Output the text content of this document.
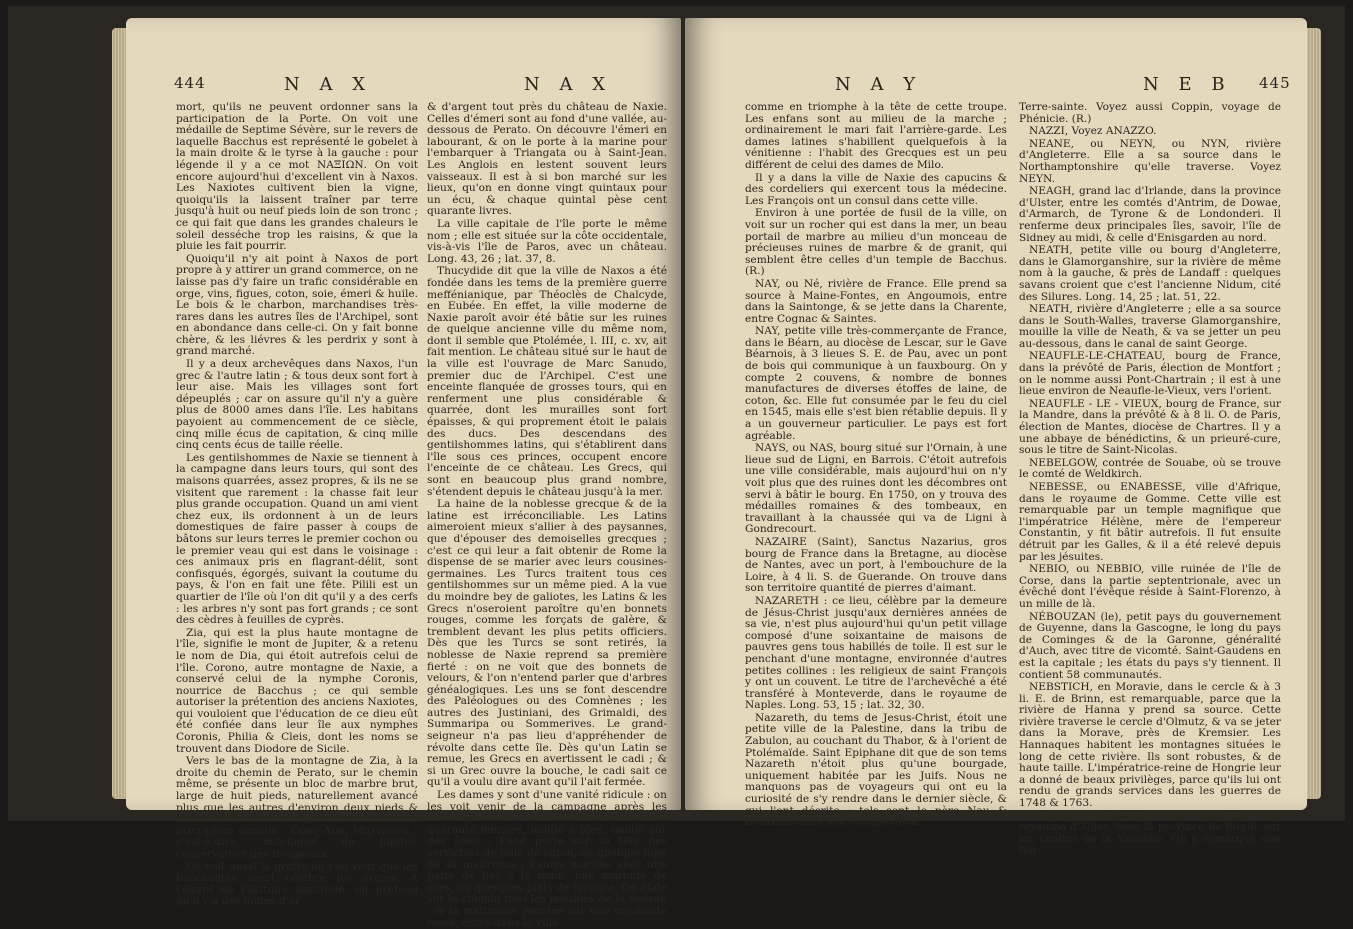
444	N A X	N A X

mort, qu'ils ne peuvent ordonner sans la participation de la Porte. On voit une médaille de Septime Sévère, sur le revers de laquelle Bacchus est représenté le gobelet à la main droite & le tyrse à la gauche : pour légende il y a ce mot ΝΑΞΙΩΝ. On voit encore aujourd'hui d'excellent vin à Naxos. Les Naxiotes cultivent bien la vigne, quoiqu'ils la laissent traîner par terre jusqu'à huit ou neuf pieds loin de son tronc ; ce qui fait que dans les grandes chaleurs le soleil desséche trop les raisins, & que la pluie les fait pourrir.

Quoiqu'il n'y ait point à Naxos de port propre à y attirer un grand commerce, on ne laisse pas d'y faire un trafic considérable en orge, vins, figues, coton, soie, émeri & huile. Le bois & le charbon, marchandises très-rares dans les autres îles de l'Archipel, sont en abondance dans celle-ci. On y fait bonne chère, & les liévres & les perdrix y sont à grand marché.

Il y a deux archevêques dans Naxos, l'un grec & l'autre latin ; & tous deux sont fort à leur aise. Mais les villages sont fort dépeuplés ; car on assure qu'il n'y a guère plus de 8000 ames dans l'île. Les habitans payoient au commencement de ce siècle, cinq mille écus de capitation, & cinq mille cinq cents écus de taille réelle.

Les gentilshommes de Naxie se tiennent à la campagne dans leurs tours, qui sont des maisons quarrées, assez propres, & ils ne se visitent que rarement : la chasse fait leur plus grande occupation. Quand un ami vient chez eux, ils ordonnent à un de leurs domestiques de faire passer à coups de bâtons sur leurs terres le premier cochon ou le premier veau qui est dans le voisinage : ces animaux pris en flagrant-délit, sont confisqués, égorgés, suivant la coutume du pays, & l'on en fait une fête. Pilili est un quartier de l'île où l'on dit qu'il y a des cerfs : les arbres n'y sont pas fort grands ; ce sont des cèdres à feuilles de cyprès.

Zia, qui est la plus haute montagne de l'île, signifie le mont de Jupiter, & a retenu le nom de Dia, qui étoit autrefois celui de l'île. Corono, autre montagne de Naxie, a conservé celui de la nymphe Coronis, nourrice de Bacchus ; ce qui semble autoriser la prétention des anciens Naxiotes, qui vouloient que l'éducation de ce dieu eût été confiée dans leur île aux nymphes Coronis, Philia & Cleis, dont les noms se trouvent dans Diodore de Sicile.

Vers le bas de la montagne de Zia, à la droite du chemin de Perato, sur le chemin même, se présente un bloc de marbre brut, large de huit pieds, naturellement avancé plus que les autres d'environ deux pieds & demi. On lit sous ce marbre cette ancienne inscription connue : Ορος Διος Μηλωσιου ; c'est-à-dire, montagne de Jupiter, conservateur des troupeaux.

On voit aussi la grotte où l'on veut que les bacchantes aient célébré les orgies. A l'égard de l'histoire naturelle, on prétend qu'il y a des mines d'or

& d'argent tout près du château de Naxie. Celles d'émeri sont au fond d'une vallée, au-dessous de Perato. On découvre l'émeri en labourant, & on le porte à la marine pour l'embarquer à Triangata ou à Saint-Jean. Les Anglois en lestent souvent leurs vaisseaux. Il est à si bon marché sur les lieux, qu'on en donne vingt quintaux pour un écu, & chaque quintal pèse cent quarante livres.

La ville capitale de l'île porte le même nom ; elle est située sur la côte occidentale, vis-à-vis l'île de Paros, avec un château. Long. 43, 26 ; lat. 37, 8.

Thucydide dit que la ville de Naxos a été fondée dans les tems de la première guerre meffénianique, par Théoclès de Chalcyde, en Eubée. En effet, la ville moderne de Naxie paroît avoir été bâtie sur les ruines de quelque ancienne ville du même nom, dont il semble que Ptolémée, l. III, c. xv, ait fait mention. Le château situé sur le haut de la ville est l'ouvrage de Marc Sanudo, premier duc de l'Archipel. C'est une enceinte flanquée de grosses tours, qui en renferment une plus considérable & quarrée, dont les murailles sont fort épaisses, & qui proprement étoit le palais des ducs. Des descendans des gentilshommes latins, qui s'établirent dans l'île sous ces princes, occupent encore l'enceinte de ce château. Les Grecs, qui sont en beaucoup plus grand nombre, s'étendent depuis le château jusqu'à la mer.

La haine de la noblesse grecque & de la latine est irréconciliable. Les Latins aimeroient mieux s'allier à des paysannes, que d'épouser des demoiselles grecques ; c'est ce qui leur a fait obtenir de Rome la dispense de se marier avec leurs cousines-germaines. Les Turcs traitent tous ces gentilshommes sur un même pied. A la vue du moindre bey de galiotes, les Latins & les Grecs n'oseroient paroître qu'en bonnets rouges, comme les forçats de galère, & tremblent devant les plus petits officiers. Dès que les Turcs se sont retirés, la noblesse de Naxie reprend sa première fierté : on ne voit que des bonnets de velours, & l'on n'entend parler que d'arbres généalogiques. Les uns se font descendre des Paléologues ou des Comnènes ; les autres des Justiniani, des Grimaldi, des Summaripa ou Sommerives. Le grand-seigneur n'a pas lieu d'appréhender de révolte dans cette île. Dès qu'un Latin se remue, les Grecs en avertissent le cadi ; & si un Grec ouvre la bouche, le cadi sait ce qu'il a voulu dire avant qu'il l'ait fermée.

Les dames y sont d'une vanité ridicule : on les voit venir de la campagne après les vendanges avec une suite de trente ou quarante femmes, moitié à pied, moitié sur des ânes ; l'une porte sur sa tête des serviettes de toile de coton, ou quelque jupe de sa maîtresse ; l'autre marche avec une paire de bas à la main, une marmite de grès, ou quelques plats de fayance. On étale sur le chemin tous les meubles de la maison ; & la maîtresse, montée sur une méchante rosse, entre dans la ville

N A Y	N E B 445

comme en triomphe à la tête de cette troupe. Les enfans sont au milieu de la marche ; ordinairement le mari fait l'arrière-garde. Les dames latines s'habillent quelquefois à la vénitienne : l'habit des Grecques est un peu différent de celui des dames de Milo.

Il y a dans la ville de Naxie des capucins & des cordeliers qui exercent tous la médecine. Les François ont un consul dans cette ville.

Environ à une portée de fusil de la ville, on voit sur un rocher qui est dans la mer, un beau portail de marbre au milieu d'un monceau de précieuses ruines de marbre & de granit, qui semblent être celles d'un temple de Bacchus. (R.)

NAY, ou Né, rivière de France. Elle prend sa source à Maine-Fontes, en Angoumois, entre dans la Saintonge, & se jette dans la Charente, entre Cognac & Saintes.

NAY, petite ville très-commerçante de France, dans le Béarn, au diocèse de Lescar, sur le Gave Béarnois, à 3 lieues S. E. de Pau, avec un pont de bois qui communique à un fauxbourg. On y compte 2 couvens, & nombre de bonnes manufactures de diverses étoffes de laine, de coton, &c. Elle fut consumée par le feu du ciel en 1545, mais elle s'est bien rétablie depuis. Il y a un gouverneur particulier. Le pays est fort agréable.

NAYS, ou NAS, bourg situé sur l'Ornain, à une lieue sud de Ligni, en Barrois. C'étoit autrefois une ville considérable, mais aujourd'hui on n'y voit plus que des ruines dont les décombres ont servi à bâtir le bourg. En 1750, on y trouva des médailles romaines & des tombeaux, en travaillant à la chaussée qui va de Ligni à Gondrecourt.

NAZAIRE (Saint), Sanctus Nazarius, gros bourg de France dans la Bretagne, au diocèse de Nantes, avec un port, à l'embouchure de la Loire, à 4 li. S. de Guerande. On trouve dans son territoire quantité de pierres d'aimant.

NAZARETH : ce lieu, célèbre par la demeure de Jésus-Christ jusqu'aux dernières années de sa vie, n'est plus aujourd'hui qu'un petit village composé d'une soixantaine de maisons de pauvres gens tous habillés de toile. Il est sur le penchant d'une montagne, environnée d'autres petites collines : les religieux de saint François y ont un couvent. Le titre de l'archevêché a été transféré à Monteverde, dans le royaume de Naples. Long. 53, 15 ; lat. 32, 30.

Nazareth, du tems de Jesus-Christ, étoit une petite ville de la Palestine, dans la tribu de Zabulon, au couchant du Thabor, & à l'orient de Ptolémaïde. Saint Epiphane dit que de son tems Nazareth n'étoit plus qu'une bourgade, uniquement habitée par les Juifs. Nous ne manquons pas de voyageurs qui ont eu la curiosité de s'y rendre dans le dernier siècle, & qui l'ont décrite ; tels sont le père Nau & Doubdan dans leur voyage de la

Terre-sainte. Voyez aussi Coppin, voyage de Phénicie. (R.)

NAZZI, Voyez ANAZZO.

NEANE, ou NEYN, ou NYN, rivière d'Angleterre. Elle a sa source dans le Northamptonshire qu'elle traverse. Voyez NEYN.

NEAGH, grand lac d'Irlande, dans la province d'Ulster, entre les comtés d'Antrim, de Dowae, d'Armarch, de Tyrone & de Londonderi. Il renferme deux principales îles, savoir, l'île de Sidney au midi, & celle d'Enisgarden au nord.

NEATH, petite ville ou bourg d'Angleterre, dans le Glamorganshire, sur la rivière de même nom à la gauche, & près de Landaff : quelques savans croient que c'est l'ancienne Nidum, cité des Silures. Long. 14, 25 ; lat. 51, 22.

NEATH, rivière d'Angleterre ; elle a sa source dans le South-Walles, traverse Glamorganshire, mouille la ville de Neath, & va se jetter un peu au-dessous, dans le canal de saint George.

NEAUFLE-LE-CHATEAU, bourg de France, dans la prévôté de Paris, élection de Montfort ; on le nomme aussi Pont-Chartrain ; il est à une lieue environ de Neaufle-le-Vieux, vers l'orient.

NEAUFLE - LE - VIEUX, bourg de France, sur la Mandre, dans la prévôté & à 8 li. O. de Paris, élection de Mantes, diocèse de Chartres. Il y a une abbaye de bénédictins, & un prieuré-cure, sous le titre de Saint-Nicolas.

NEBELGOW, contrée de Souabe, où se trouve le comté de Weldkirch.

NEBESSE, ou ENABESSE, ville d'Afrique, dans le royaume de Gomme. Cette ville est remarquable par un temple magnifique que l'impératrice Hélène, mère de l'empereur Constantin, y fit bâtir autrefois. Il fut ensuite détruit par les Galles, & il a été relevé depuis par les jésuites.

NEBIO, ou NEBBIO, ville ruinée de l'île de Corse, dans la partie septentrionale, avec un évêché dont l'évêque réside à Saint-Florenzo, à un mille de là.

NÉBOUZAN (le), petit pays du gouvernement de Guyenne, dans la Gascogne, le long du pays de Cominges & de la Garonne, généralité d'Auch, avec titre de vicomté. Saint-Gaudens en est la capitale ; les états du pays s'y tiennent. Il contient 58 communautés.

NEBSTICH, en Moravie, dans le cercle & à 3 li. E. de Brinn, est remarquable, parce que la rivière de Hanna y prend sa source. Cette rivière traverse le cercle d'Olmutz, & va se jeter dans la Morave, près de Kremsier. Les Hannaques habitent les montagnes situées le long de cette rivière. Ils sont robustes, & de haute taille. L'impératrice-reine de Hongrie leur a donné de beaux privilèges, parce qu'ils lui ont rendu de grands services dans les guerres de 1748 & 1763.

NECAUS, ancienne ville d'Afrique, au royaume d'Alger, dans la province de Bugie, sur les confins de la Numidie. On y remarque une fon
